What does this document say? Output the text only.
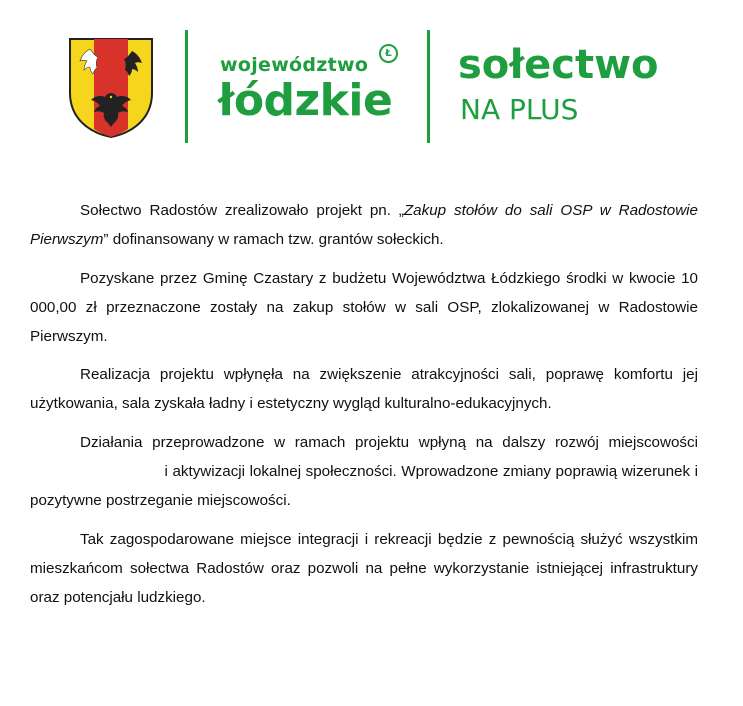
województwo
Ł
łódzkie
sołectwo
NA PLUS

Sołectwo Radostów zrealizowało projekt pn. „Zakup stołów do sali OSP w Radostowie Pierwszym” dofinansowany w ramach tzw. grantów sołeckich.

Pozyskane przez Gminę Czastary z budżetu Województwa Łódzkiego środki w kwocie 10 000,00 zł przeznaczone zostały na zakup stołów w sali OSP, zlokalizowanej w Radostowie Pierwszym.

Realizacja projektu wpłynęła na zwiększenie atrakcyjności sali, poprawę komfortu jej użytkowania, sala zyskała ładny i estetyczny wygląd kulturalno-edukacyjnych.

Działania przeprowadzone w ramach projektu wpłyną na dalszy rozwój miejscowości  i aktywizacji lokalnej społeczności. Wprowadzone zmiany poprawią wizerunek i pozytywne postrzeganie miejscowości.

Tak zagospodarowane miejsce integracji i rekreacji będzie z pewnością służyć wszystkim mieszkańcom sołectwa Radostów oraz pozwoli na pełne wykorzystanie istniejącej infrastruktury oraz potencjału ludzkiego.
